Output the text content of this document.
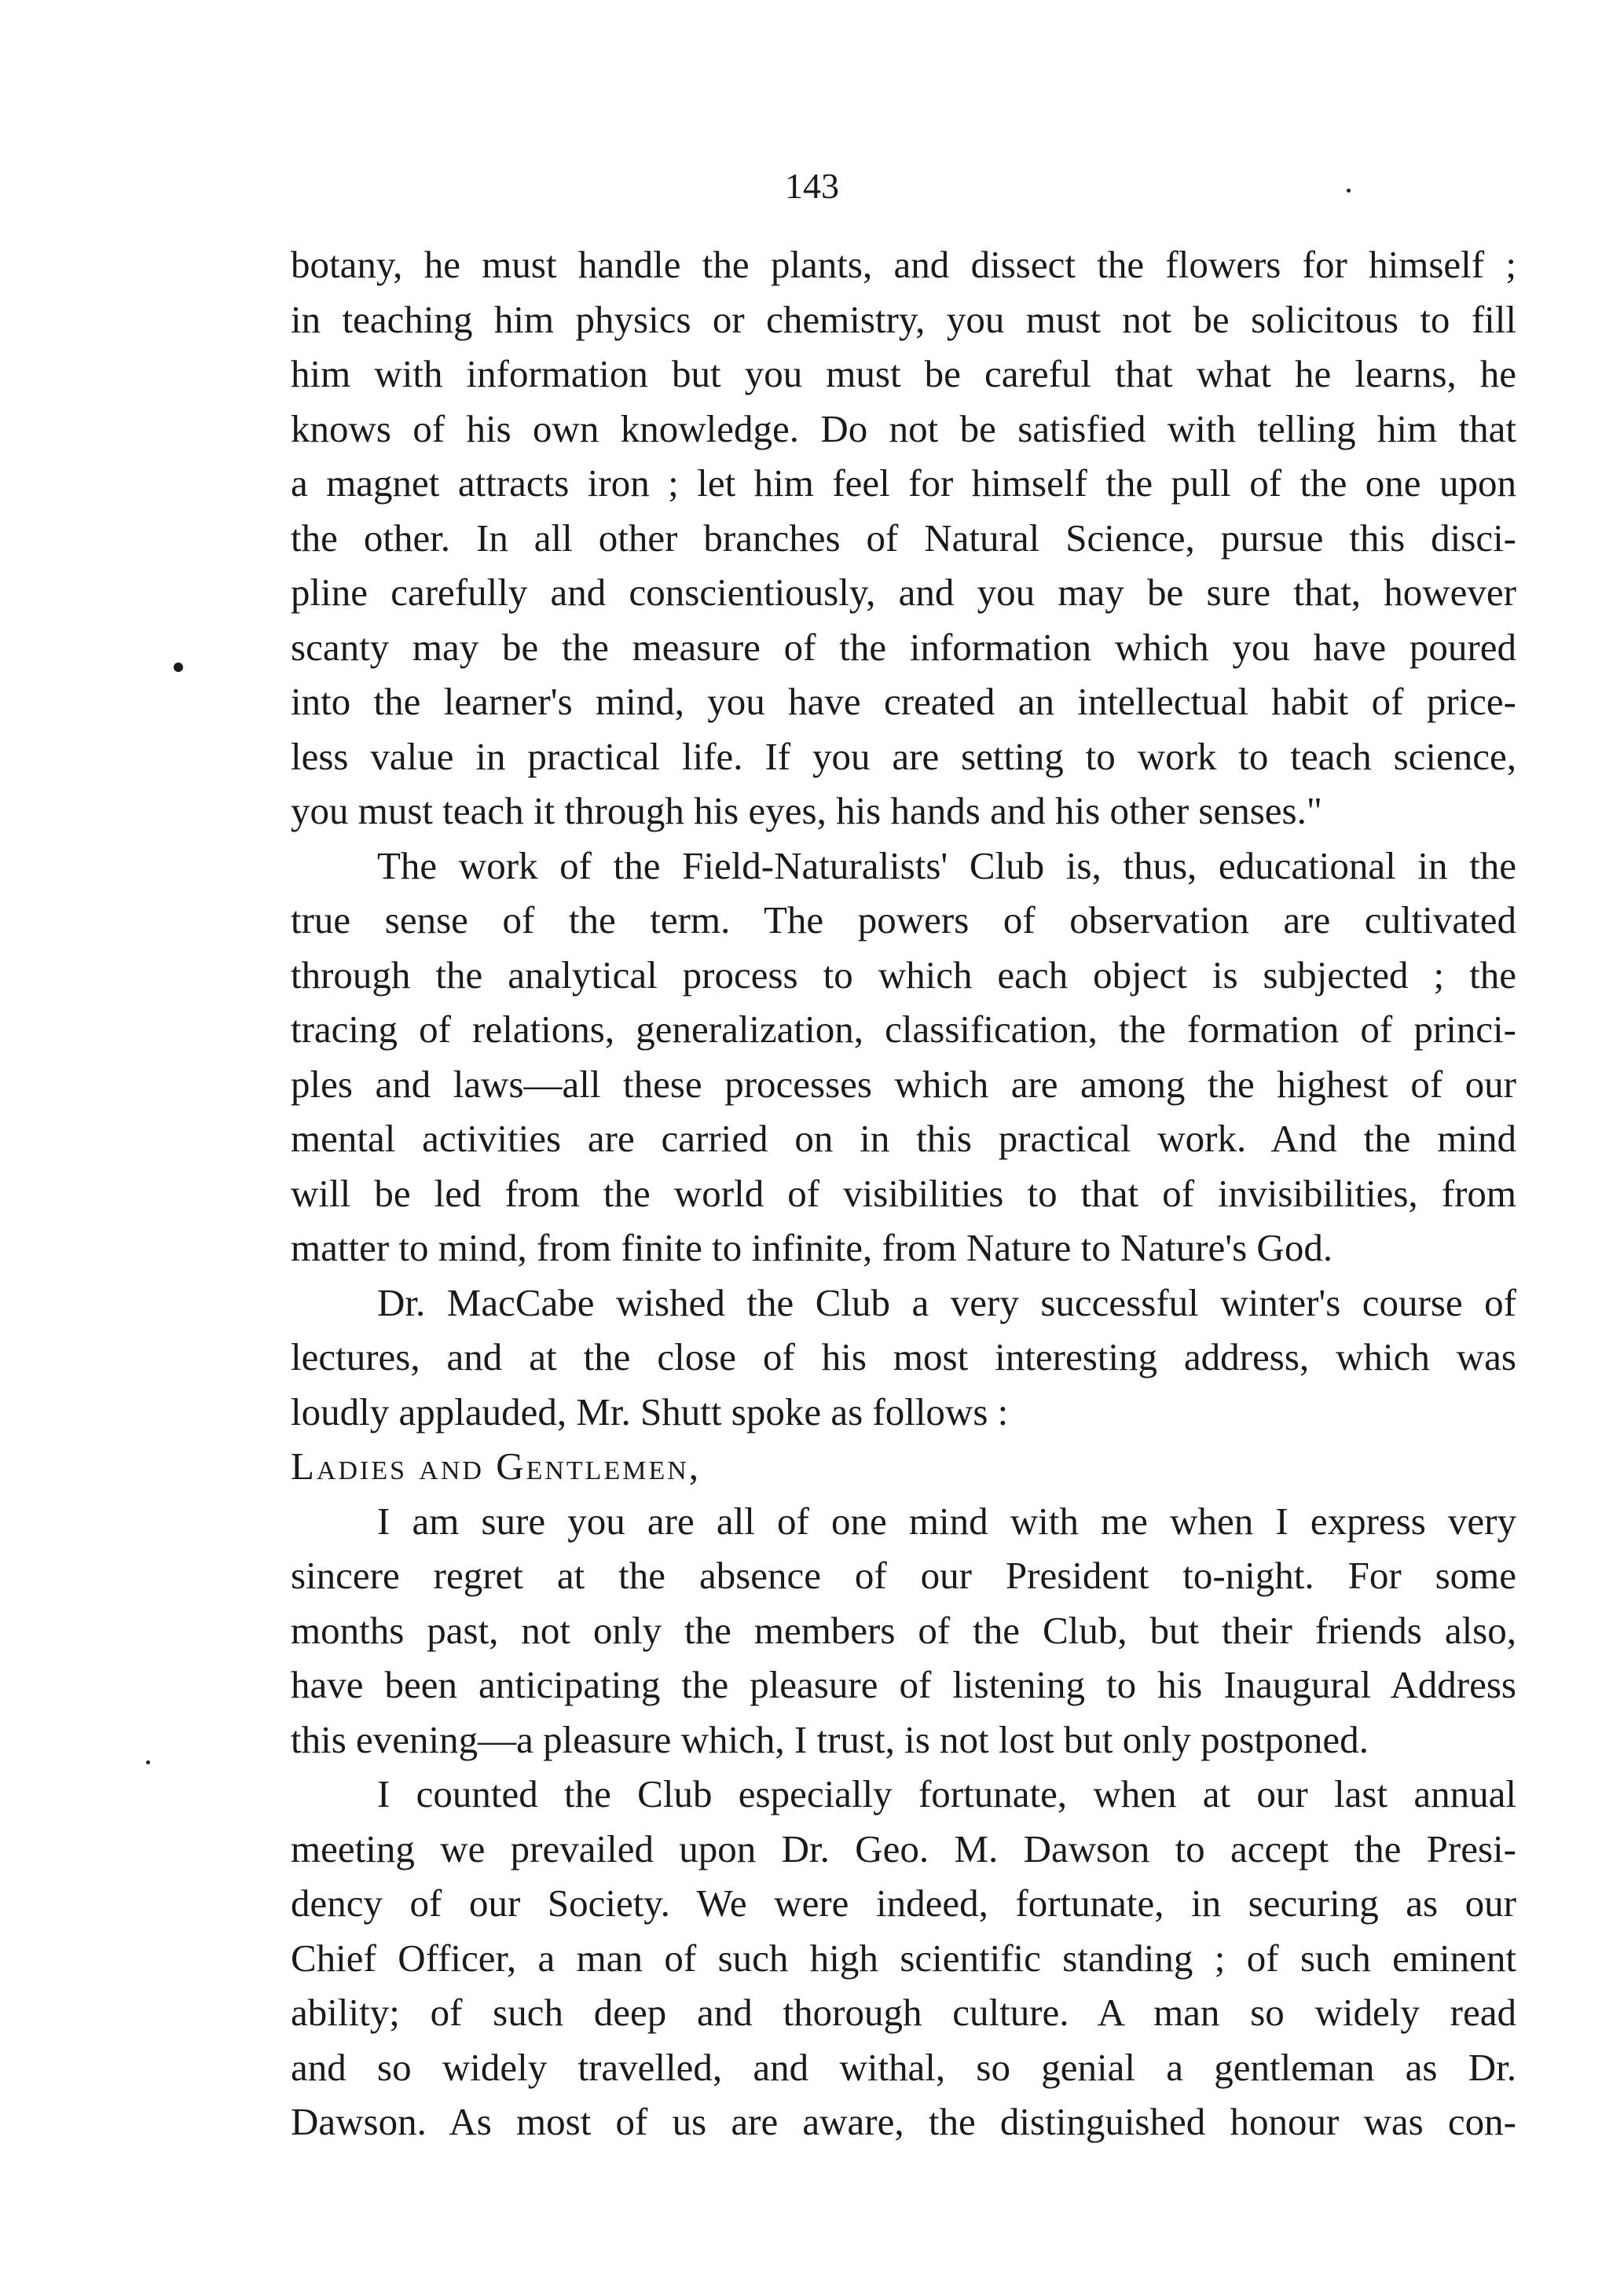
143
botany, he must handle the plants, and dissect the flowers for himself ;
in teaching him physics or chemistry, you must not be solicitous to fill
him with information but you must be careful that what he learns, he
knows of his own knowledge. Do not be satisfied with telling him that
a magnet attracts iron ; let him feel for himself the pull of the one upon
the other. In all other branches of Natural Science, pursue this disci-
pline carefully and conscientiously, and you may be sure that, however
scanty may be the measure of the information which you have poured
into the learner's mind, you have created an intellectual habit of price-
less value in practical life. If you are setting to work to teach science,
you must teach it through his eyes, his hands and his other senses."
The work of the Field-Naturalists' Club is, thus, educational in the
true sense of the term. The powers of observation are cultivated
through the analytical process to which each object is subjected ; the
tracing of relations, generalization, classification, the formation of princi-
ples and laws—all these processes which are among the highest of our
mental activities are carried on in this practical work. And the mind
will be led from the world of visibilities to that of invisibilities, from
matter to mind, from finite to infinite, from Nature to Nature's God.
Dr. MacCabe wished the Club a very successful winter's course of
lectures, and at the close of his most interesting address, which was
loudly applauded, Mr. Shutt spoke as follows :
Ladies and Gentlemen,
I am sure you are all of one mind with me when I express very
sincere regret at the absence of our President to-night. For some
months past, not only the members of the Club, but their friends also,
have been anticipating the pleasure of listening to his Inaugural Address
this evening—a pleasure which, I trust, is not lost but only postponed.
I counted the Club especially fortunate, when at our last annual
meeting we prevailed upon Dr. Geo. M. Dawson to accept the Presi-
dency of our Society. We were indeed, fortunate, in securing as our
Chief Officer, a man of such high scientific standing ; of such eminent
ability; of such deep and thorough culture. A man so widely read
and so widely travelled, and withal, so genial a gentleman as Dr.
Dawson. As most of us are aware, the distinguished honour was con-
